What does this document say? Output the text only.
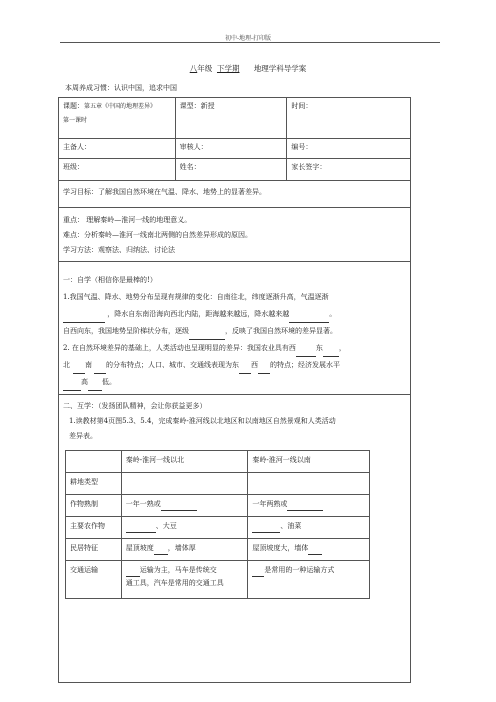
初中-地理-打印版
八年级 下学期 地理学科导学案
本周养成习惯：认识中国，追求中国

课题：第五章《中国的地理差异》

第一课时

	课型：新授	时间：
主备人：	审核人：	编号：
班级：	姓名：	家长签字：
学习目标：了解我国自然环境在气温、降水、地势上的显著差异。

重点： 理解秦岭—淮河一线的地理意义。

难点：分析秦岭—淮河一线南北两侧的自然差异形成的原因。

学习方法：观察法、归纳法、讨论法

一：自学（相信你是最棒的!）

1.我国气温、降水、地势分布呈现有规律的变化：自南往北，纬度逐渐升高，气温逐渐

，降水自东南沿海向西北内陆，距海越来越远，降水越来越	。

自西向东，我国地势呈阶梯状分布，逐级	，反映了我国自然环境的差异显著。

2. 在自然环境差异的基础上，人类活动也呈现明显的差异：我国农业具有西	东 ，

北 南 的分布特点；人口、城市、交通线表现为东 西 的特点；经济发展水平

高 低。

二、互学：（发扬团队精神，会让你获益更多）

1.读教材第4页图5.3、5.4，完成秦岭-淮河线以北地区和以南地区自然景观和人类活动

差异表。

	秦岭-淮河一线以北	秦岭-淮河一线以南
耕地类型		
作物熟制	一年一熟或	一年两熟或
主要农作物	、大豆	、油菜
民居特征	屋顶坡度 ，墙体厚	屋顶坡度大，墙体
交通运输	运输为主，马车是传统交
通工具，汽车是常用的交通工具	是常用的一种运输方式
